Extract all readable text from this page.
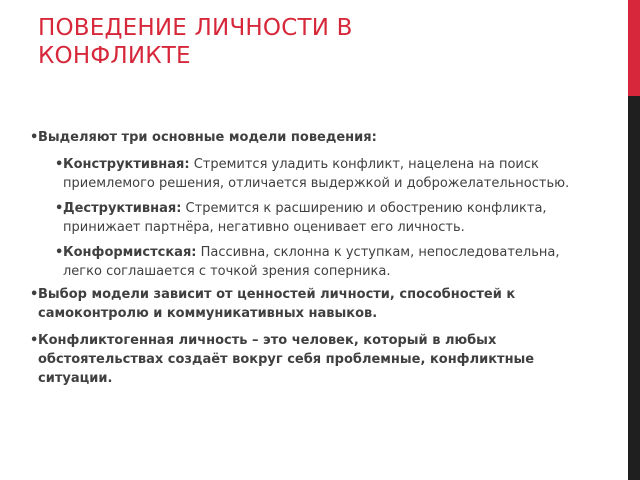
ПОВЕДЕНИЕ ЛИЧНОСТИ В
КОНФЛИКТЕ
• Выделяют три основные модели поведения:
• Конструктивная: Стремится уладить конфликт, нацелена на поиск приемлемого решения, отличается выдержкой и доброжелательностью.
• Деструктивная: Стремится к расширению и обострению конфликта, принижает партнёра, негативно оценивает его личность.
• Конформистская: Пассивна, склонна к уступкам, непоследовательна, легко соглашается с точкой зрения соперника.
• Выбор модели зависит от ценностей личности, способностей к самоконтролю и коммуникативных навыков.
• Конфликтогенная личность – это человек, который в любых обстоятельствах создаёт вокруг себя проблемные, конфликтные ситуации.
